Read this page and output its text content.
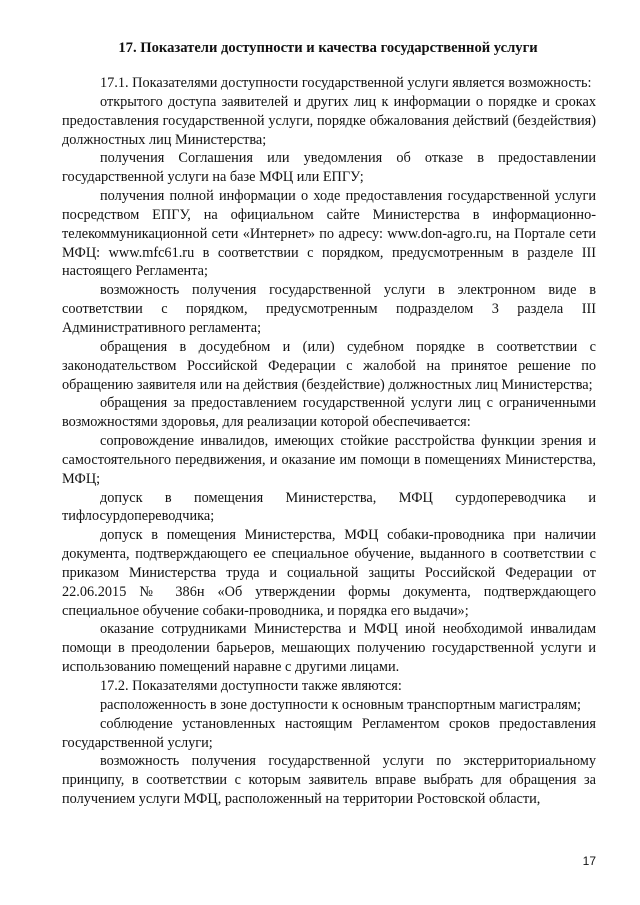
17. Показатели доступности и качества государственной услуги

17.1. Показателями доступности государственной услуги является возможность:

открытого доступа заявителей и других лиц к информации о порядке и сроках предоставления государственной услуги, порядке обжалования действий (бездействия) должностных лиц Министерства;

получения Соглашения или уведомления об отказе в предоставлении государственной услуги на базе МФЦ или ЕПГУ;

получения полной информации о ходе предоставления государственной услуги посредством ЕПГУ, на официальном сайте Министерства в информационно-телекоммуникационной сети «Интернет» по адресу: www.don-agro.ru, на Портале сети МФЦ: www.mfc61.ru в соответствии с порядком, предусмотренным в разделе III настоящего Регламента;

возможность получения государственной услуги в электронном виде в соответствии с порядком, предусмотренным подразделом 3 раздела III Административного регламента;

обращения в досудебном и (или) судебном порядке в соответствии с законодательством Российской Федерации с жалобой на принятое решение по обращению заявителя или на действия (бездействие) должностных лиц Министерства;

обращения за предоставлением государственной услуги лиц с ограниченными возможностями здоровья, для реализации которой обеспечивается:

сопровождение инвалидов, имеющих стойкие расстройства функции зрения и самостоятельного передвижения, и оказание им помощи в помещениях Министерства, МФЦ;

допуск в помещения Министерства, МФЦ сурдопереводчика и тифлосурдопереводчика;

допуск в помещения Министерства, МФЦ собаки-проводника при наличии документа, подтверждающего ее специальное обучение, выданного в соответствии с приказом Министерства труда и социальной защиты Российской Федерации от 22.06.2015 № 386н «Об утверждении формы документа, подтверждающего специальное обучение собаки-проводника, и порядка его выдачи»;

оказание сотрудниками Министерства и МФЦ иной необходимой инвалидам помощи в преодолении барьеров, мешающих получению государственной услуги и использованию помещений наравне с другими лицами.

17.2. Показателями доступности также являются:

расположенность в зоне доступности к основным транспортным магистралям;

соблюдение установленных настоящим Регламентом сроков предоставления государственной услуги;

возможность получения государственной услуги по экстерриториальному принципу, в соответствии с которым заявитель вправе выбрать для обращения за получением услуги МФЦ, расположенный на территории Ростовской области,

17
